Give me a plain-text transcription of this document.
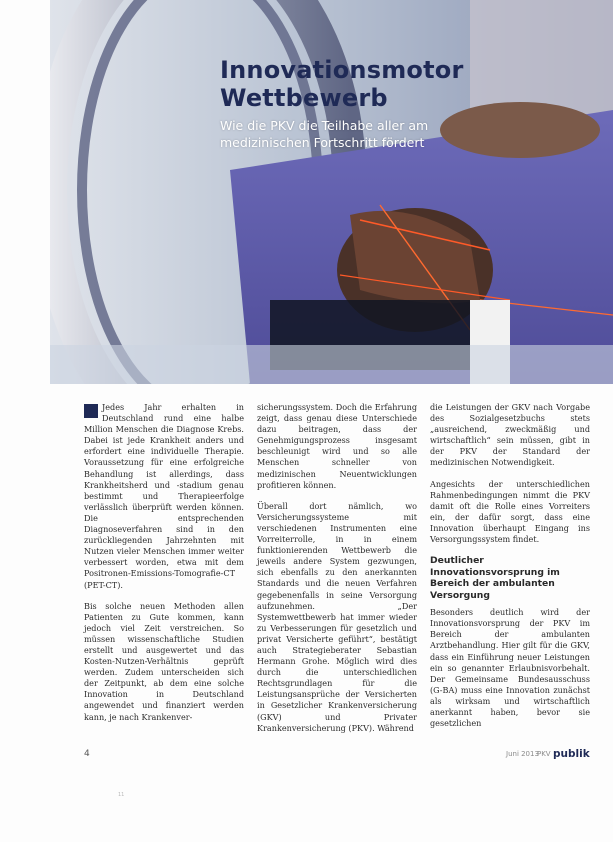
Innovationsmotor
Wettbewerb
Wie die PKV die Teilhabe aller am
medizinischen Fortschritt fördert

Jedes Jahr erhalten in Deutschland rund eine halbe Million Menschen die Diagnose Krebs. Dabei ist jede Krankheit anders und erfordert eine individuelle Therapie. Voraussetzung für eine erfolgreiche Behandlung ist allerdings, dass Krankheitsherd und -stadium genau bestimmt und Therapieerfolge verlässlich überprüft werden können. Die entsprechenden Diagnoseverfahren sind in den zurückliegenden Jahrzehnten mit Nutzen vieler Menschen immer weiter verbessert worden, etwa mit dem Positronen-Emissions-Tomografie-CT (PET-CT).

Bis solche neuen Methoden allen Patienten zu Gute kommen, kann jedoch viel Zeit verstreichen. So müssen wissenschaftliche Studien erstellt und ausgewertet und das Kosten-Nutzen-Verhältnis geprüft werden. Zudem unterscheiden sich der Zeitpunkt, ab dem eine solche Innovation in Deutschland angewendet und finanziert werden kann, je nach Krankenver-

sicherungssystem. Doch die Erfahrung zeigt, dass genau diese Unterschiede dazu beitragen, dass der Genehmigungsprozess insgesamt beschleunigt wird und so alle Menschen schneller von medizinischen Neuentwicklungen profitieren können.

Überall dort nämlich, wo Versicherungssysteme mit verschiedenen Instrumenten eine Vorreiterrolle, in in einem funktionierenden Wettbewerb die jeweils andere System gezwungen, sich ebenfalls zu den anerkannten Standards und die neuen Verfahren gegebenenfalls in seine Versorgung aufzunehmen. „Der Systemwettbewerb hat immer wieder zu Verbesserungen für gesetzlich und privat Versicherte geführt“, bestätigt auch Strategieberater Sebastian Hermann Grohe. Möglich wird dies durch die unterschiedlichen Rechtsgrundlagen für die Leistungsansprüche der Versicherten in Gesetzlicher Krankenversicherung (GKV) und Privater Krankenversicherung (PKV). Während

die Leistungen der GKV nach Vorgabe des Sozialgesetzbuchs stets „ausreichend, zweckmäßig und wirtschaftlich“ sein müssen, gibt in der PKV der Standard der medizinischen Notwendigkeit.

Angesichts der unterschiedlichen Rahmenbedingungen nimmt die PKV damit oft die Rolle eines Vorreiters ein, der dafür sorgt, dass eine Innovation überhaupt Eingang ins Versorgungssystem findet.

Deutlicher Innovationsvorsprung im Bereich der ambulanten Versorgung

Besonders deutlich wird der Innovationsvorsprung der PKV im Bereich der ambulanten Arztbehandlung. Hier gilt für die GKV, dass ein Einführung neuer Leistungen ein so genannter Erlaubnisvorbehalt. Der Gemeinsame Bundesausschuss (G-BA) muss eine Innovation zunächst als wirksam und wirtschaftlich anerkannt haben, bevor sie gesetzlichen

4	Juni 2013
PKV publik
11
